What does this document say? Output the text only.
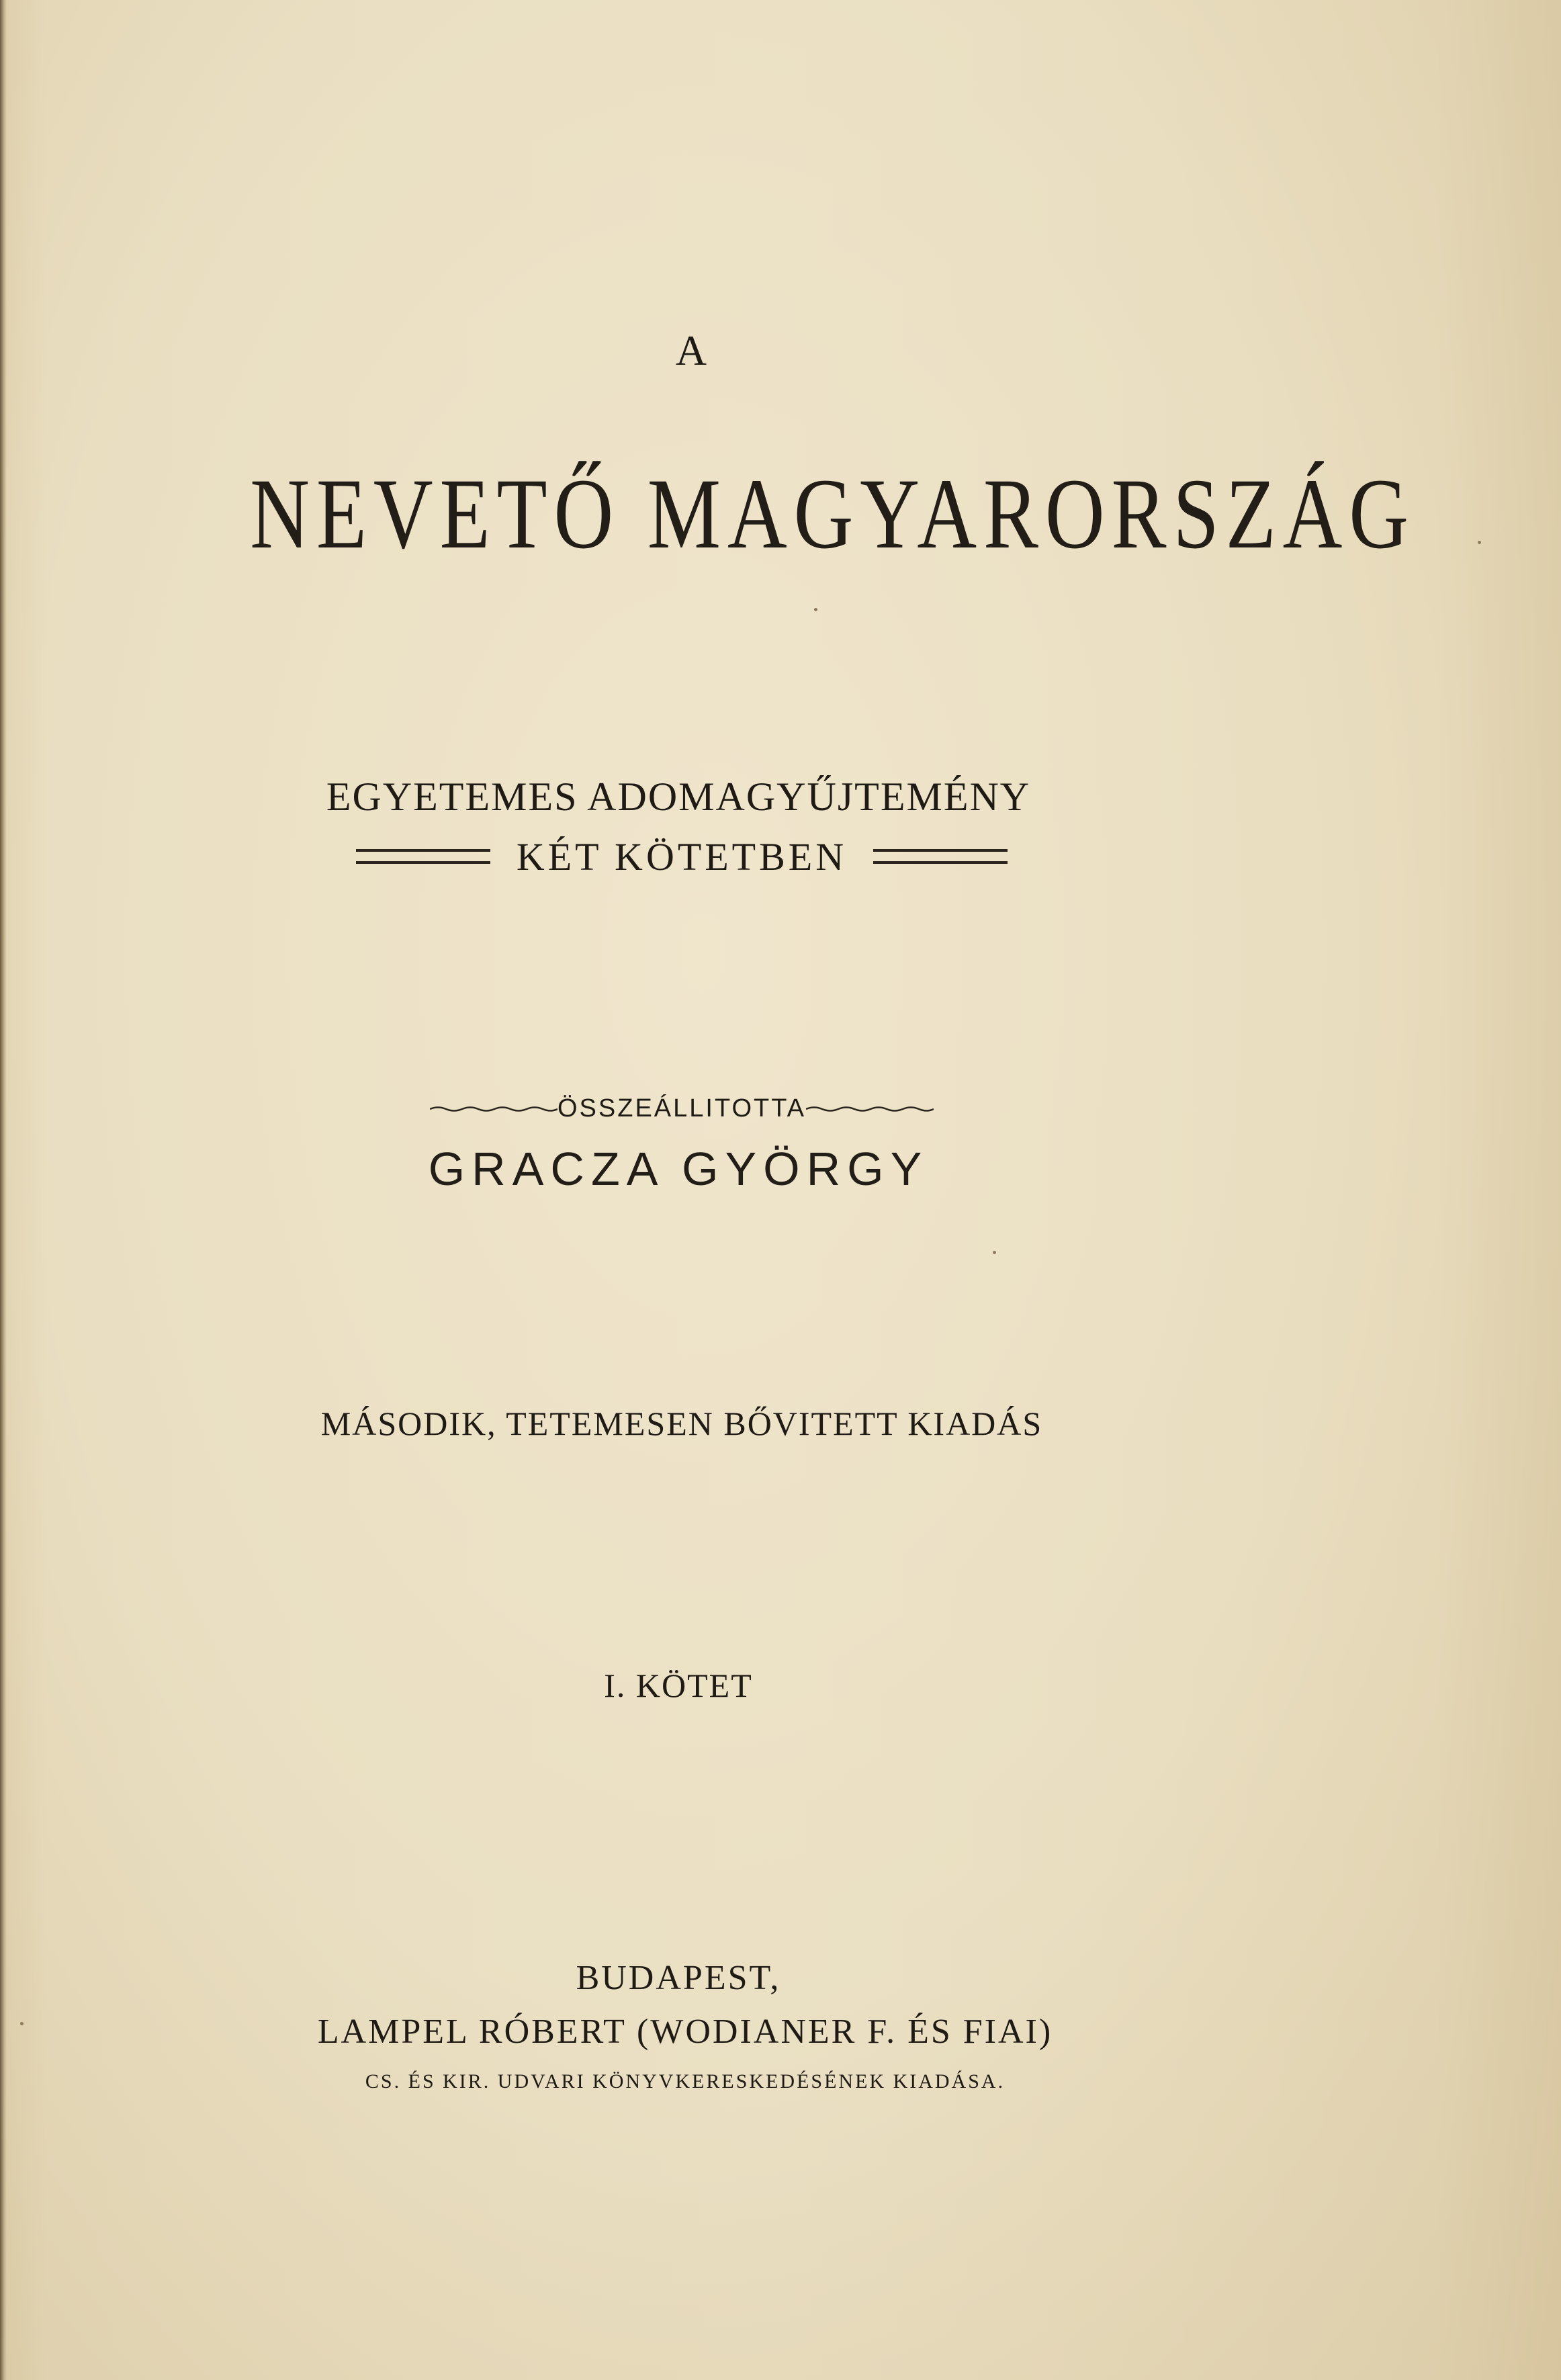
A
NEVETŐ MAGYARORSZÁG
EGYETEMES ADOMAGYŰJTEMÉNY
KÉT KÖTETBEN
ÖSSZEÁLLITOTTA
GRACZA GYÖRGY
MÁSODIK, TETEMESEN BŐVITETT KIADÁS
I. KÖTET
BUDAPEST,
LAMPEL RÓBERT (WODIANER F. ÉS FIAI)
CS. ÉS KIR. UDVARI KÖNYVKERESKEDÉSÉNEK KIADÁSA.
